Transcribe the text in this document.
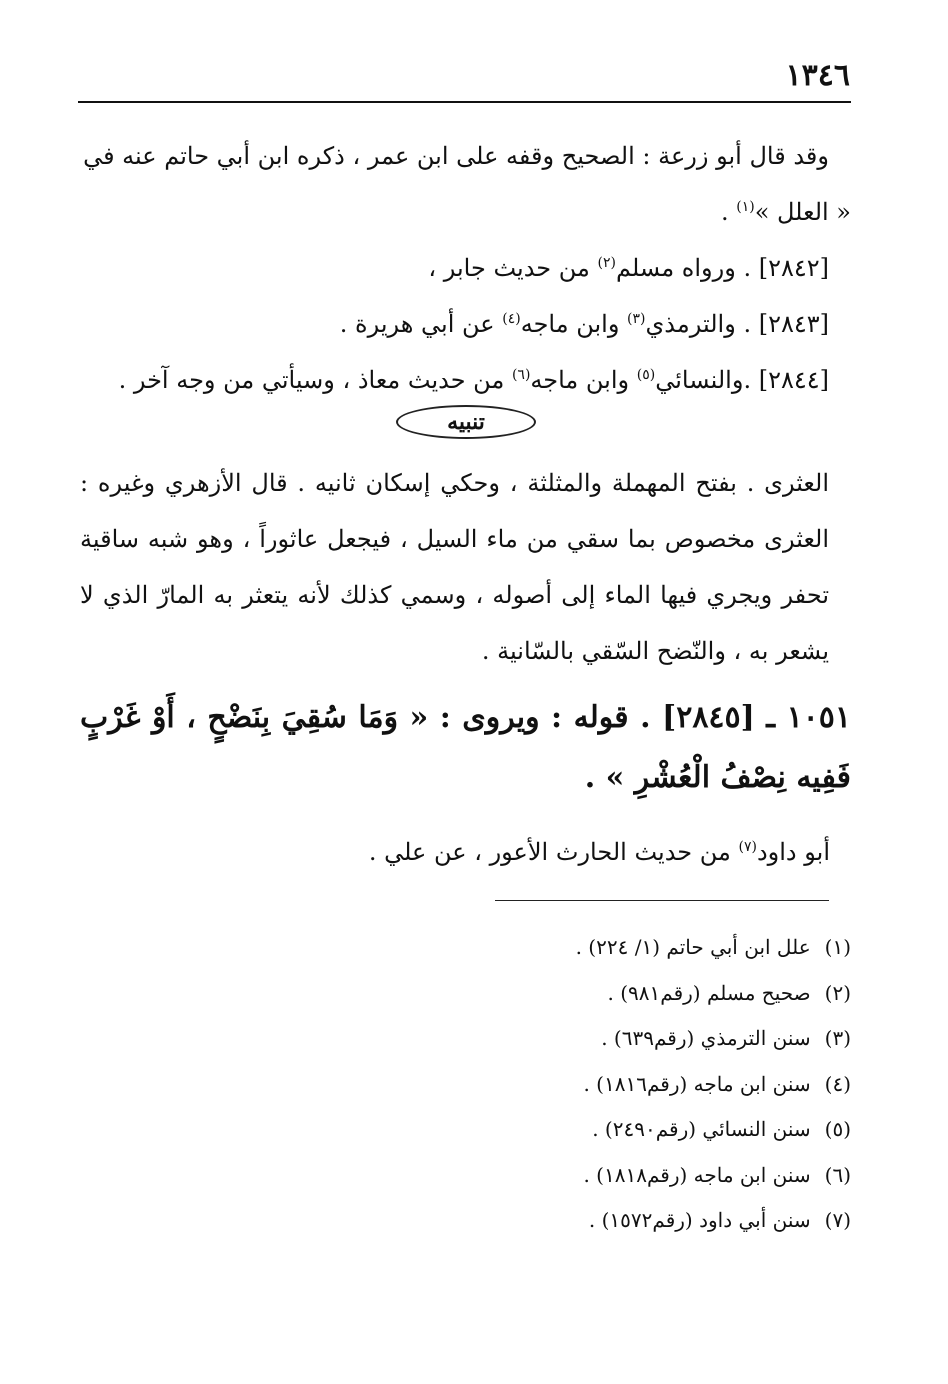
١٣٤٦

وقد قال أبو زرعة : الصحيح وقفه على ابن عمر ، ذكره ابن أبي حاتم عنه في

« العلل »$^{(١)}$ .

[٢٨٤٢] . ورواه مسلم$^{(٢)}$ من حديث جابر ،

[٢٨٤٣] . والترمذي$^{(٣)}$ وابن ماجه$^{(٤)}$ عن أبي هريرة .

[٢٨٤٤] .والنسائي$^{(٥)}$ وابن ماجه$^{(٦)}$ من حديث معاذ ، وسيأتي من وجه آخر .

تنبيه

العثرى . بفتح المهملة والمثلثة ، وحكي إسكان ثانيه . قال الأزهري وغيره : العثرى مخصوص بما سقي من ماء السيل ، فيجعل عاثوراً ، وهو شبه ساقية تحفر ويجري فيها الماء إلى أصوله ، وسمي كذلك لأنه يتعثر به المارّ الذي لا يشعر به ، والنّضح السّقي بالسّانية .

١٠٥١ ـ [٢٨٤٥] . قوله : ويروى : « وَمَا سُقِيَ بِنَضْحٍ ، أَوْ غَرْبٍ فَفِيه نِصْفُ الْعُشْرِ » .

أبو داود$^{(٧)}$ من حديث الحارث الأعور ، عن علي .
(١) علل ابن أبي حاتم (١/ ٢٢٤) .
(٢) صحيح مسلم (رقم٩٨١) .
(٣) سنن الترمذي (رقم٦٣٩) .
(٤) سنن ابن ماجه (رقم١٨١٦) .
(٥) سنن النسائي (رقم٢٤٩٠) .
(٦) سنن ابن ماجه (رقم١٨١٨) .
(٧) سنن أبي داود (رقم١٥٧٢) .
